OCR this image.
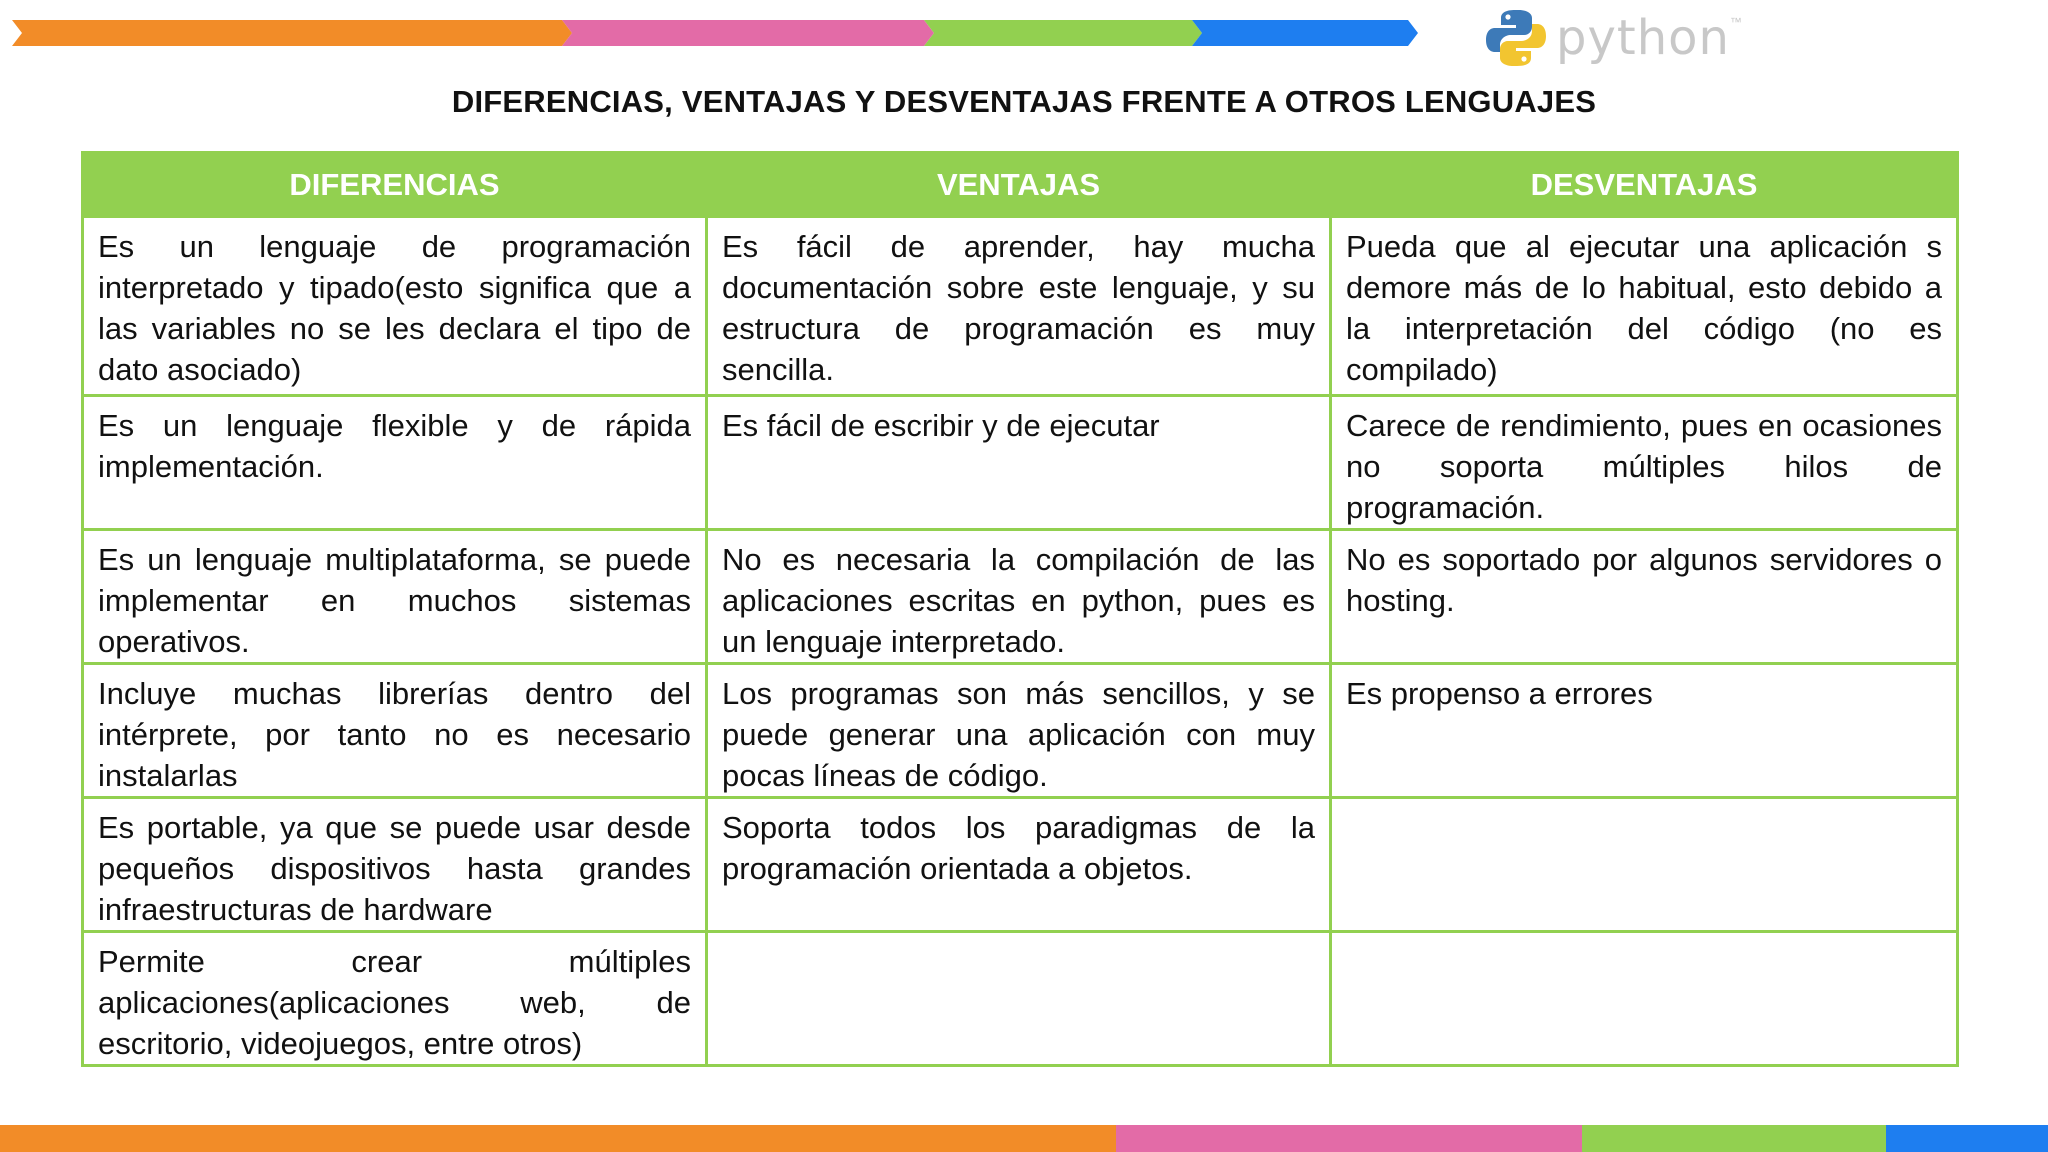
python ™
DIFERENCIAS, VENTAJAS Y DESVENTAJAS FRENTE A OTROS LENGUAJES
DIFERENCIAS	VENTAJAS	DESVENTAJAS
Es un lenguaje de programación interpretado y tipado(esto significa que a las variables no se les declara el tipo de dato asociado)	Es fácil de aprender, hay mucha documentación sobre este lenguaje, y su estructura de programación es muy sencilla.	Pueda que al ejecutar una aplicación s demore más de lo habitual, esto debido a la interpretación del código (no es compilado)
Es un lenguaje flexible y de rápida implementación.	Es fácil de escribir y de ejecutar	Carece de rendimiento, pues en ocasiones no soporta múltiples hilos de programación.
Es un lenguaje multiplataforma, se puede implementar en muchos sistemas operativos.	No es necesaria la compilación de las aplicaciones escritas en python, pues es un lenguaje interpretado.	No es soportado por algunos servidores o hosting.
Incluye muchas librerías dentro del intérprete, por tanto no es necesario instalarlas	Los programas son más sencillos, y se puede generar una aplicación con muy pocas líneas de código.	Es propenso a errores
Es portable, ya que se puede usar desde pequeños dispositivos hasta grandes infraestructuras de hardware	Soporta todos los paradigmas de la programación orientada a objetos.	
Permite crear múltiples aplicaciones(aplicaciones web, de escritorio, videojuegos, entre otros)		
